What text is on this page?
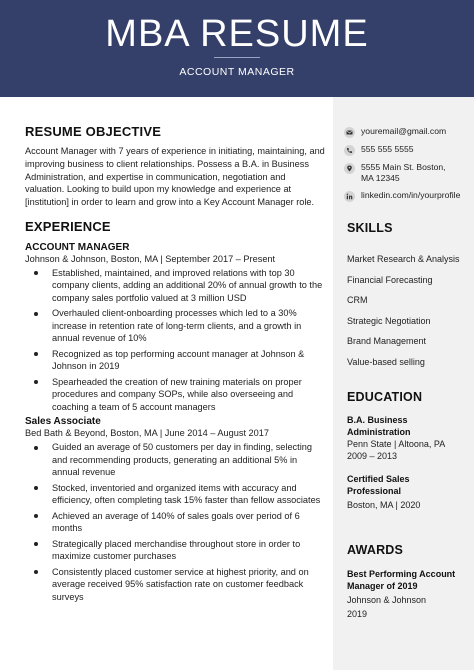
MBA RESUME
ACCOUNT MANAGER
RESUME OBJECTIVE
Account Manager with 7 years of experience in initiating, maintaining, and improving business to client relationships. Possess a B.A. in Business Administration, and expertise in communication, negotiation and valuation. Looking to build upon my knowledge and experience at [institution] in order to learn and grow into a Key Account Manager role.
EXPERIENCE
ACCOUNT MANAGER
Johnson & Johnson, Boston, MA | September 2017 – Present
Established, maintained, and improved relations with top 30 company clients, adding an additional 20% of annual growth to the company sales portfolio valued at 3 million USD
Overhauled client-onboarding processes which led to a 30% increase in retention rate of long-term clients, and a growth in annual revenue of 10%
Recognized as top performing account manager at Johnson & Johnson in 2019
Spearheaded the creation of new training materials on proper procedures and company SOPs, while also overseeing and coaching a team of 5 account managers
Sales Associate
Bed Bath & Beyond, Boston, MA | June 2014 – August 2017
Guided an average of 50 customers per day in finding, selecting and recommending products, generating an additional 5% in annual revenue
Stocked, inventoried and organized items with accuracy and efficiency, often completing task 15% faster than fellow associates
Achieved an average of 140% of sales goals over period of 6 months
Strategically placed merchandise throughout store in order to maximize customer purchases
Consistently placed customer service at highest priority, and on average received 95% satisfaction rate on customer feedback surveys
youremail@gmail.com
555 555 5555
5555 Main St. Boston,
MA 12345
linkedin.com/in/yourprofile
SKILLS
Market Research & Analysis
Financial Forecasting
CRM
Strategic Negotiation
Brand Management
Value-based selling
EDUCATION
B.A. Business Administration
Penn State | Altoona, PA
2009 – 2013
Certified Sales Professional
Boston, MA | 2020
AWARDS
Best Performing Account Manager of 2019
Johnson & Johnson
2019
